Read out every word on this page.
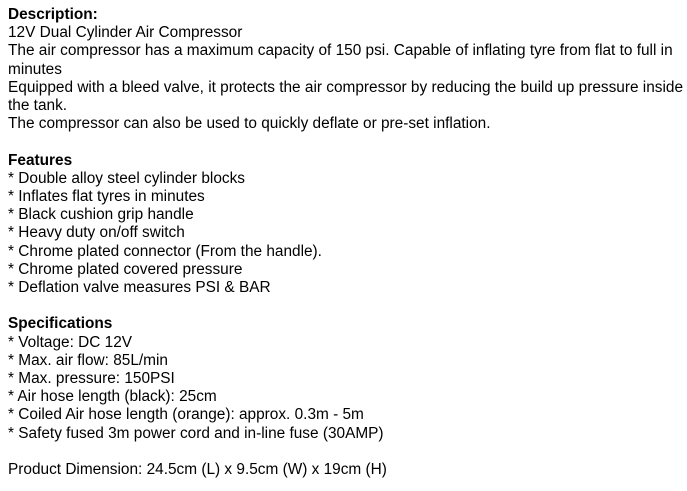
Description:
12V Dual Cylinder Air Compressor
The air compressor has a maximum capacity of 150 psi. Capable of inflating tyre from flat to full in minutes
Equipped with a bleed valve, it protects the air compressor by reducing the build up pressure inside the tank.
The compressor can also be used to quickly deflate or pre-set inflation.
Features
* Double alloy steel cylinder blocks
* Inflates flat tyres in minutes
* Black cushion grip handle
* Heavy duty on/off switch
* Chrome plated connector (From the handle).
* Chrome plated covered pressure
* Deflation valve measures PSI & BAR
Specifications
* Voltage: DC 12V
* Max. air flow: 85L/min
* Max. pressure: 150PSI
* Air hose length (black): 25cm
* Coiled Air hose length (orange): approx. 0.3m - 5m
* Safety fused 3m power cord and in-line fuse (30AMP)
Product Dimension: 24.5cm (L) x 9.5cm (W) x 19cm (H)
